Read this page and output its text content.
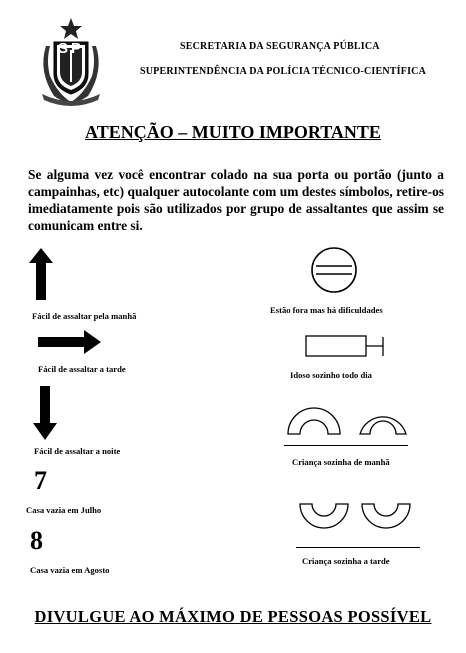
SP	SECRETARIA DA SEGURANÇA PÚBLICA
SUPERINTENDÊNCIA DA POLÍCIA TÉCNICO-CIENTÍFICA
ATENÇÃO – MUITO IMPORTANTE
Se alguma vez você encontrar colado na sua porta ou portão (junto a campainhas, etc) qualquer autocolante com um destes símbolos, retire-os imediatamente pois são utilizados por grupo de assaltantes que assim se comunicam entre si.
Fácil de assaltar pela manhã
Fácil de assaltar a tarde
Fácil de assaltar a noite
7
Casa vazia em Julho
8
Casa vazia em Agosto
Estão fora mas há dificuldades
Idoso sozinho todo dia
Criança sozinha de manhã
Criança sozinha a tarde
DIVULGUE AO MÁXIMO DE PESSOAS POSSÍVEL
